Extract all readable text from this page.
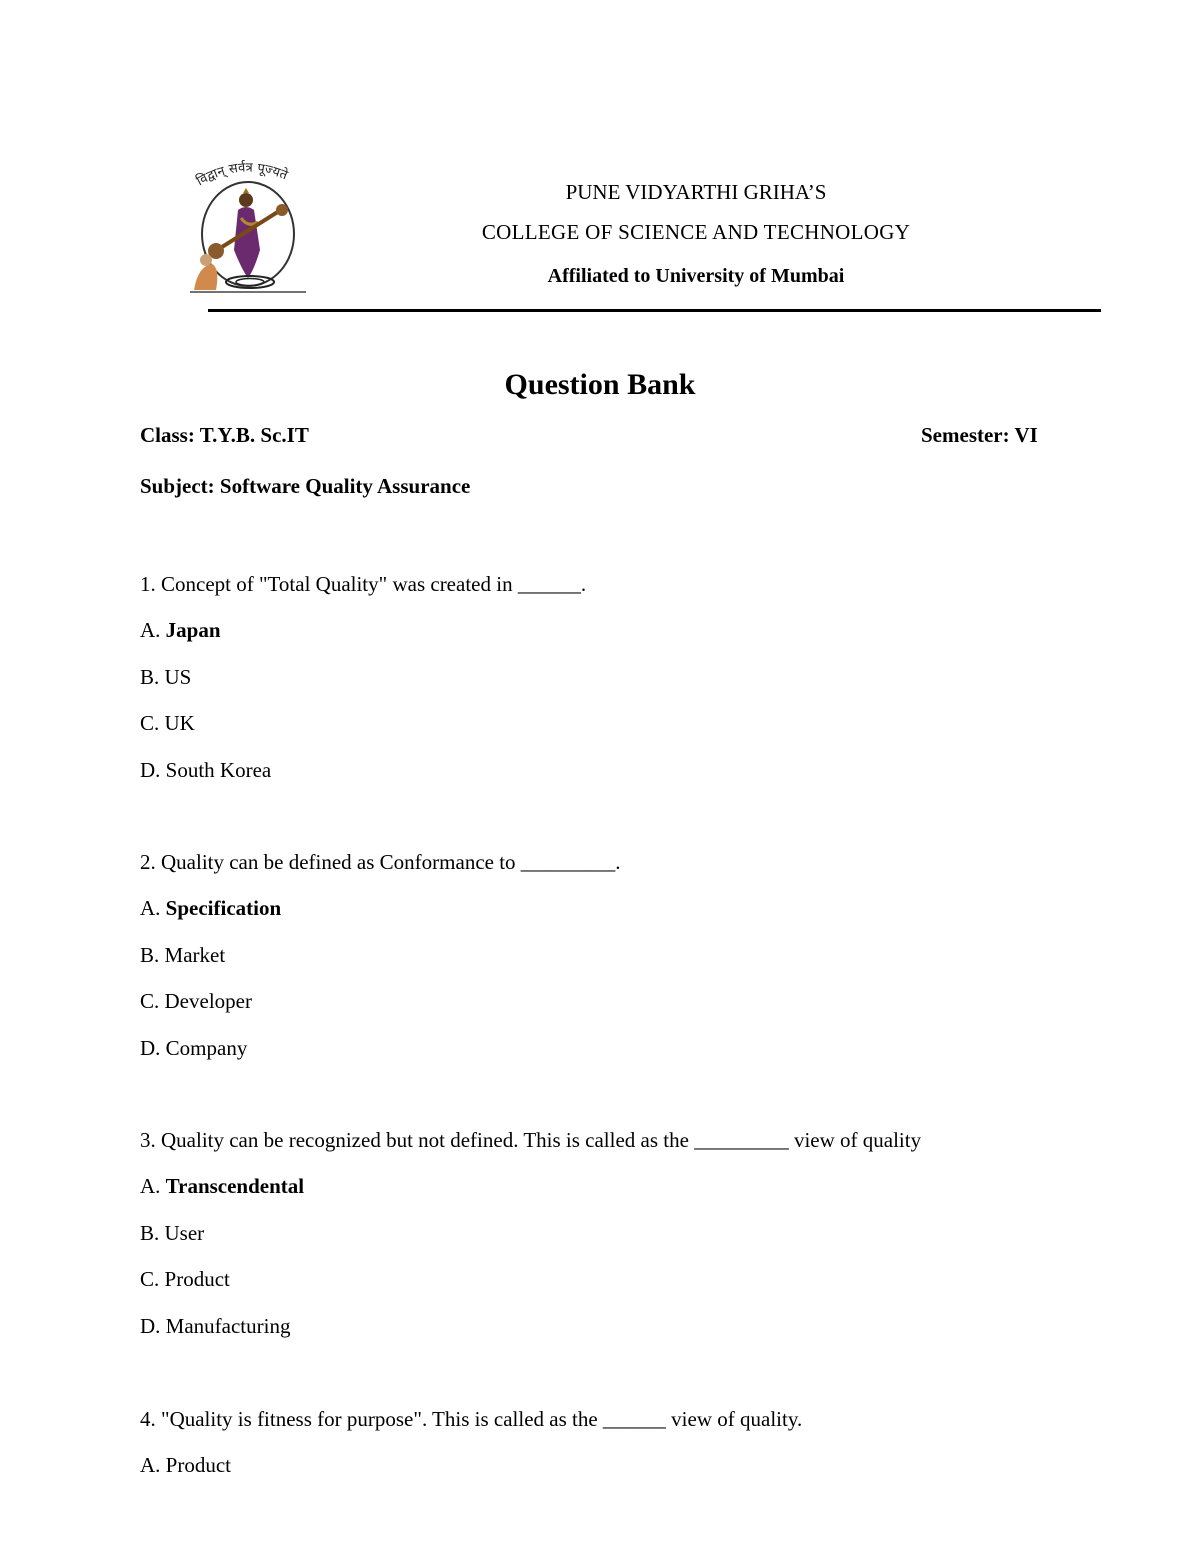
विद्वान् सर्वत्र पूज्यते
PUNE VIDYARTHI GRIHA’S
COLLEGE OF SCIENCE AND TECHNOLOGY
Affiliated to University of Mumbai
Question Bank
Class: T.Y.B. Sc.IT	Semester: VI
Subject: Software Quality Assurance
1. Concept of "Total Quality" was created in ______.
A. Japan
B. US
C. UK
D. South Korea
2. Quality can be defined as Conformance to _________.
A. Specification
B. Market
C. Developer
D. Company
3. Quality can be recognized but not defined. This is called as the _________ view of quality
A. Transcendental
B. User
C. Product
D. Manufacturing
4. "Quality is fitness for purpose". This is called as the ______ view of quality.
A. Product
